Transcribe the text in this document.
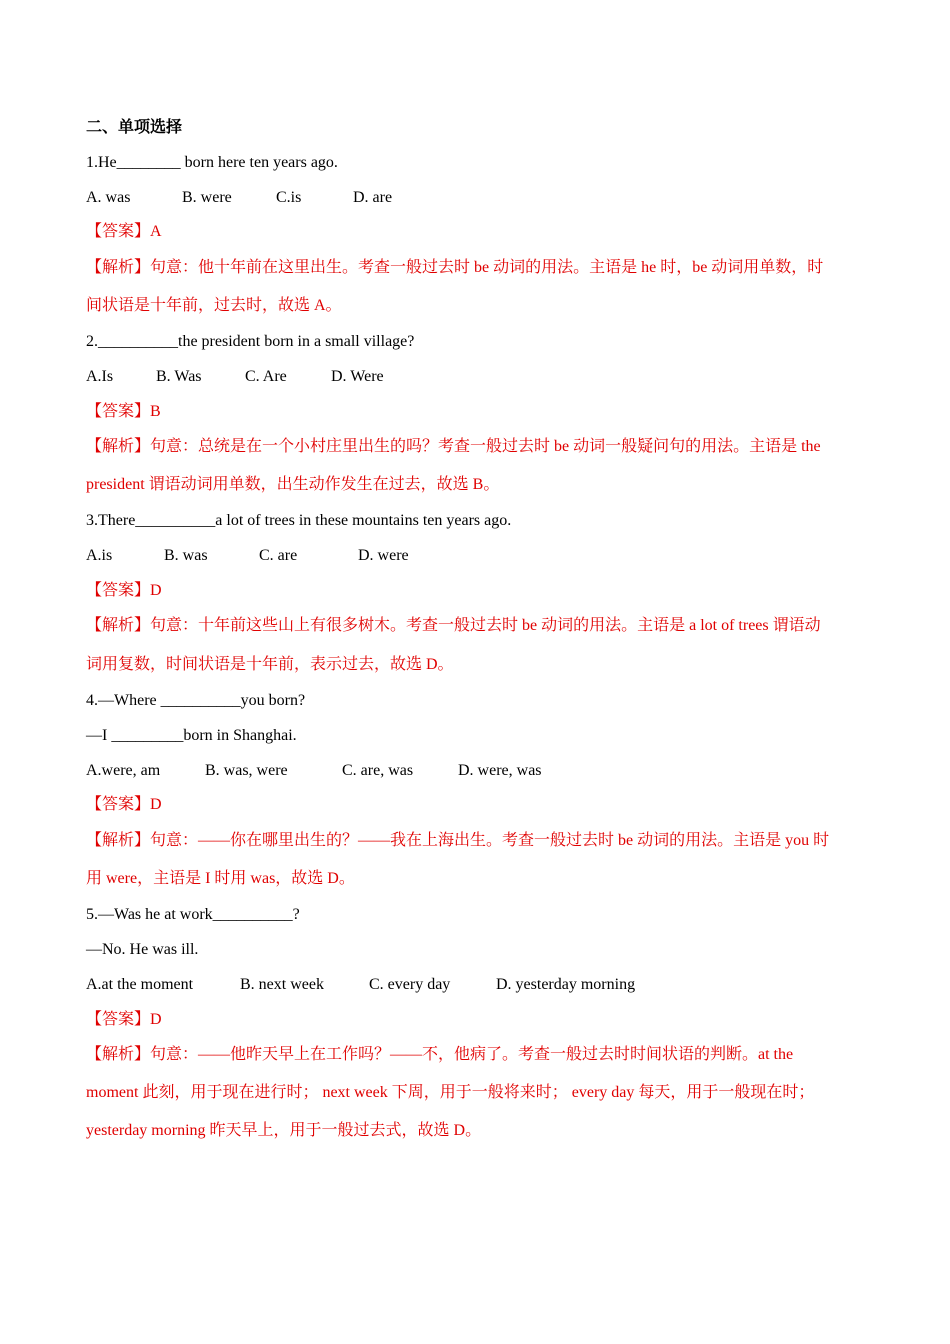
二、单项选择
1.He________ born here ten years ago.
A. was	B. were	C.is	D. are
【答案】A
【解析】句意：他十年前在这里出生。考查一般过去时 be 动词的用法。主语是 he 时，be 动词用单数，时
间状语是十年前，过去时，故选 A。
2.__________the president born in a small village?
A.Is	B. Was	C. Are	D. Were
【答案】B
【解析】句意：总统是在一个小村庄里出生的吗？考查一般过去时 be 动词一般疑问句的用法。主语是 the
president 谓语动词用单数，出生动作发生在过去，故选 B。
3.There__________a lot of trees in these mountains ten years ago.
A.is	B. was	C. are	D. were
【答案】D
【解析】句意：十年前这些山上有很多树木。考查一般过去时 be 动词的用法。主语是 a lot of trees 谓语动
词用复数，时间状语是十年前，表示过去，故选 D。
4.—Where __________you born?
—I _________born in Shanghai.
A.were, am	B. was, were	C. are, was	D. were, was
【答案】D
【解析】句意：——你在哪里出生的？——我在上海出生。考查一般过去时 be 动词的用法。主语是 you 时
用 were，主语是 I 时用 was，故选 D。
5.—Was he at work__________?
—No. He was ill.
A.at the moment	B. next week	C. every day	D. yesterday morning
【答案】D
【解析】句意：——他昨天早上在工作吗？——不，他病了。考查一般过去时时间状语的判断。at the
moment 此刻，用于现在进行时； next week 下周，用于一般将来时； every day 每天，用于一般现在时；
yesterday morning 昨天早上，用于一般过去式，故选 D。
